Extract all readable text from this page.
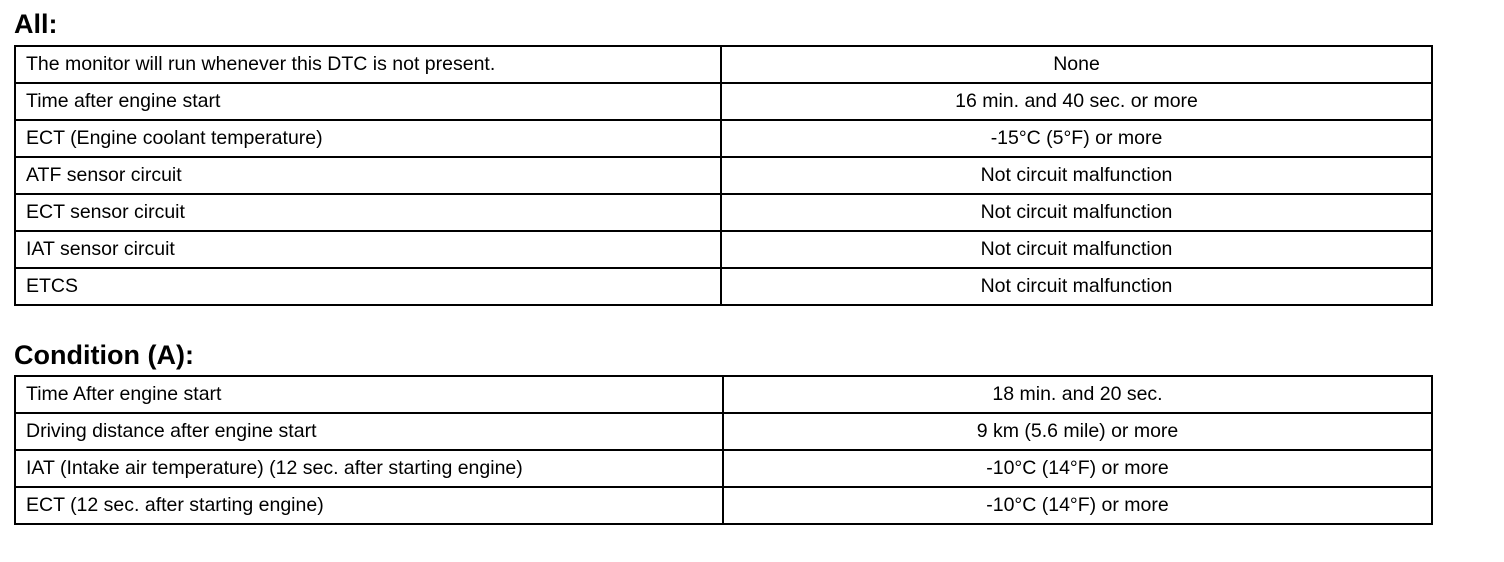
All:
The monitor will run whenever this DTC is not present.	None
Time after engine start	16 min. and 40 sec. or more
ECT (Engine coolant temperature)	-15°C (5°F) or more
ATF sensor circuit	Not circuit malfunction
ECT sensor circuit	Not circuit malfunction
IAT sensor circuit	Not circuit malfunction
ETCS	Not circuit malfunction
Condition (A):
Time After engine start	18 min. and 20 sec.
Driving distance after engine start	9 km (5.6 mile) or more
IAT (Intake air temperature) (12 sec. after starting engine)	-10°C (14°F) or more
ECT (12 sec. after starting engine)	-10°C (14°F) or more
